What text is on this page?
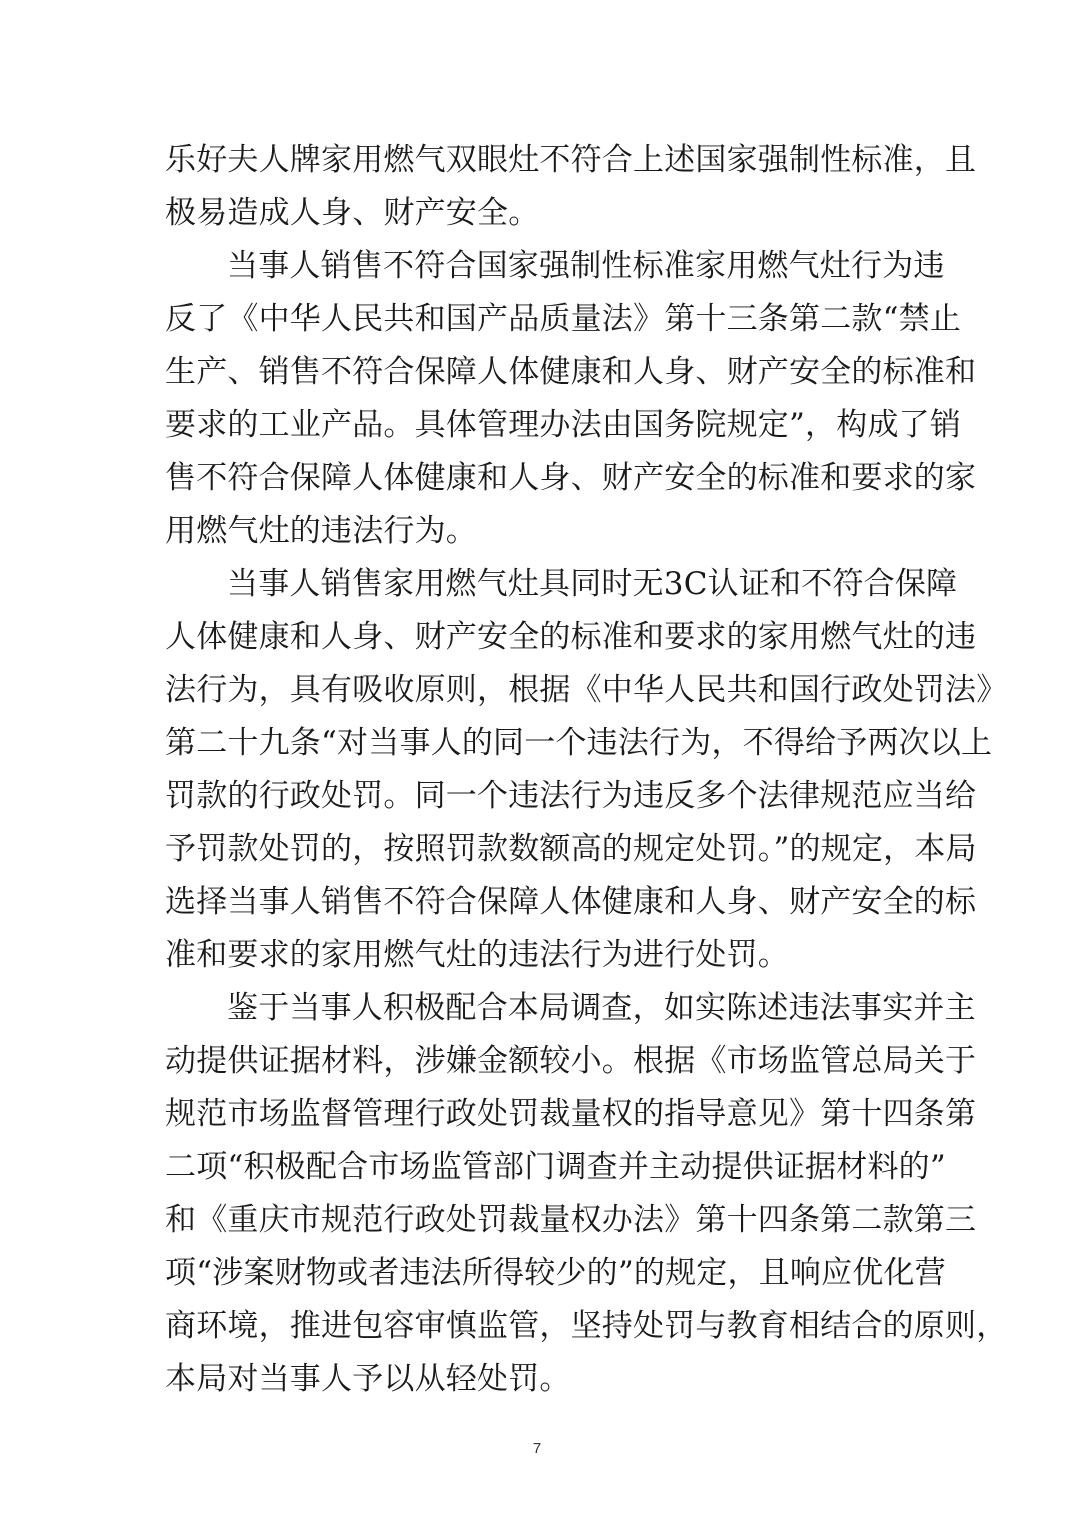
乐好夫人牌家用燃气双眼灶不符合上述国家强制性标准，且
极易造成人身、财产安全。
当事人销售不符合国家强制性标准家用燃气灶行为违
反了《中华人民共和国产品质量法》第十三条第二款“禁止
生产、销售不符合保障人体健康和人身、财产安全的标准和
要求的工业产品。具体管理办法由国务院规定”，构成了销
售不符合保障人体健康和人身、财产安全的标准和要求的家
用燃气灶的违法行为。
当事人销售家用燃气灶具同时无3C认证和不符合保障
人体健康和人身、财产安全的标准和要求的家用燃气灶的违
法行为，具有吸收原则，根据《中华人民共和国行政处罚法》
第二十九条“对当事人的同一个违法行为，不得给予两次以上
罚款的行政处罚。同一个违法行为违反多个法律规范应当给
予罚款处罚的，按照罚款数额高的规定处罚。”的规定，本局
选择当事人销售不符合保障人体健康和人身、财产安全的标
准和要求的家用燃气灶的违法行为进行处罚。
鉴于当事人积极配合本局调查，如实陈述违法事实并主
动提供证据材料，涉嫌金额较小。根据《市场监管总局关于
规范市场监督管理行政处罚裁量权的指导意见》第十四条第
二项“积极配合市场监管部门调查并主动提供证据材料的”
和《重庆市规范行政处罚裁量权办法》第十四条第二款第三
项“涉案财物或者违法所得较少的”的规定，且响应优化营
商环境，推进包容审慎监管，坚持处罚与教育相结合的原则，
本局对当事人予以从轻处罚。
7
